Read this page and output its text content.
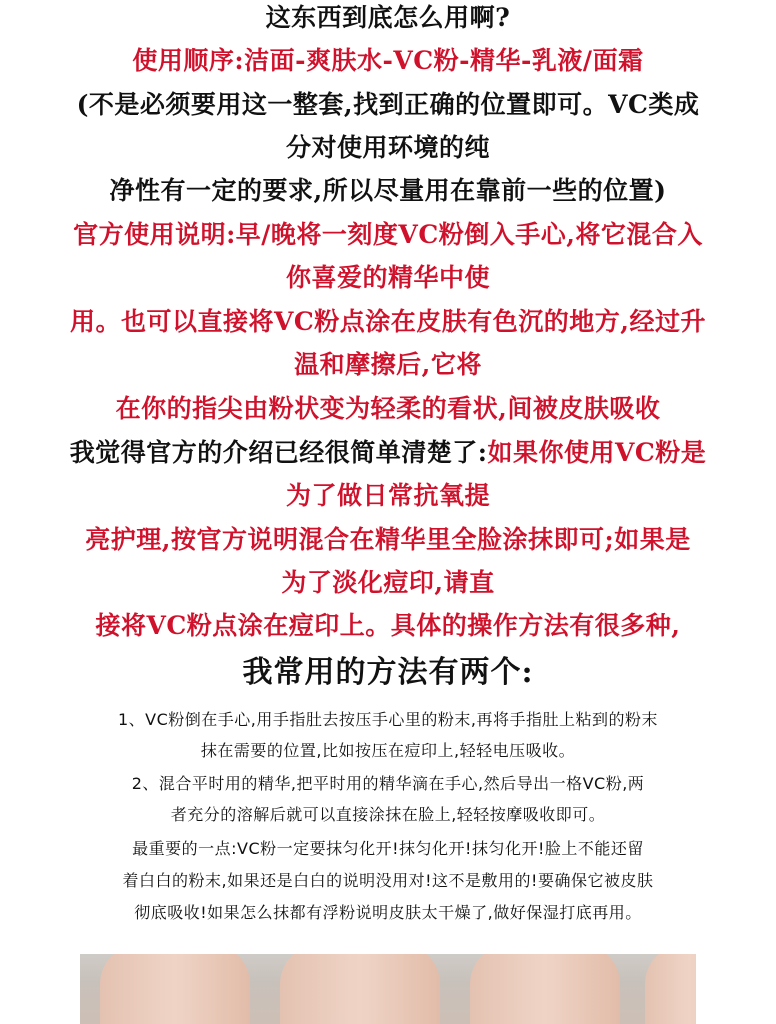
这东西到底怎么用啊?
使用顺序:洁面-爽肤水-VC粉-精华-乳液/面霜
(不是必须要用这一整套,找到正确的位置即可。VC类成
分对使用环境的纯
净性有一定的要求,所以尽量用在靠前一些的位置)
官方使用说明:早/晚将一刻度VC粉倒入手心,将它混合入
你喜爱的精华中使
用。也可以直接将VC粉点涂在皮肤有色沉的地方,经过升
温和摩擦后,它将
在你的指尖由粉状变为轻柔的看状,间被皮肤吸收
我觉得官方的介绍已经很简单清楚了:如果你使用VC粉是
为了做日常抗氧提
亮护理,按官方说明混合在精华里全脸涂抹即可;如果是
为了淡化痘印,请直
接将VC粉点涂在痘印上。具体的操作方法有很多种,
我常用的方法有两个:
1、VC粉倒在手心,用手指肚去按压手心里的粉末,再将手指肚上粘到的粉末
抹在需要的位置,比如按压在痘印上,轻轻电压吸收。
2、混合平时用的精华,把平时用的精华滴在手心,然后导出一格VC粉,两
者充分的溶解后就可以直接涂抹在脸上,轻轻按摩吸收即可。
最重要的一点:VC粉一定要抹匀化开!抹匀化开!抹匀化开!脸上不能还留
着白白的粉末,如果还是白白的说明没用对!这不是敷用的!要确保它被皮肤
彻底吸收!如果怎么抹都有浮粉说明皮肤太干燥了,做好保湿打底再用。
